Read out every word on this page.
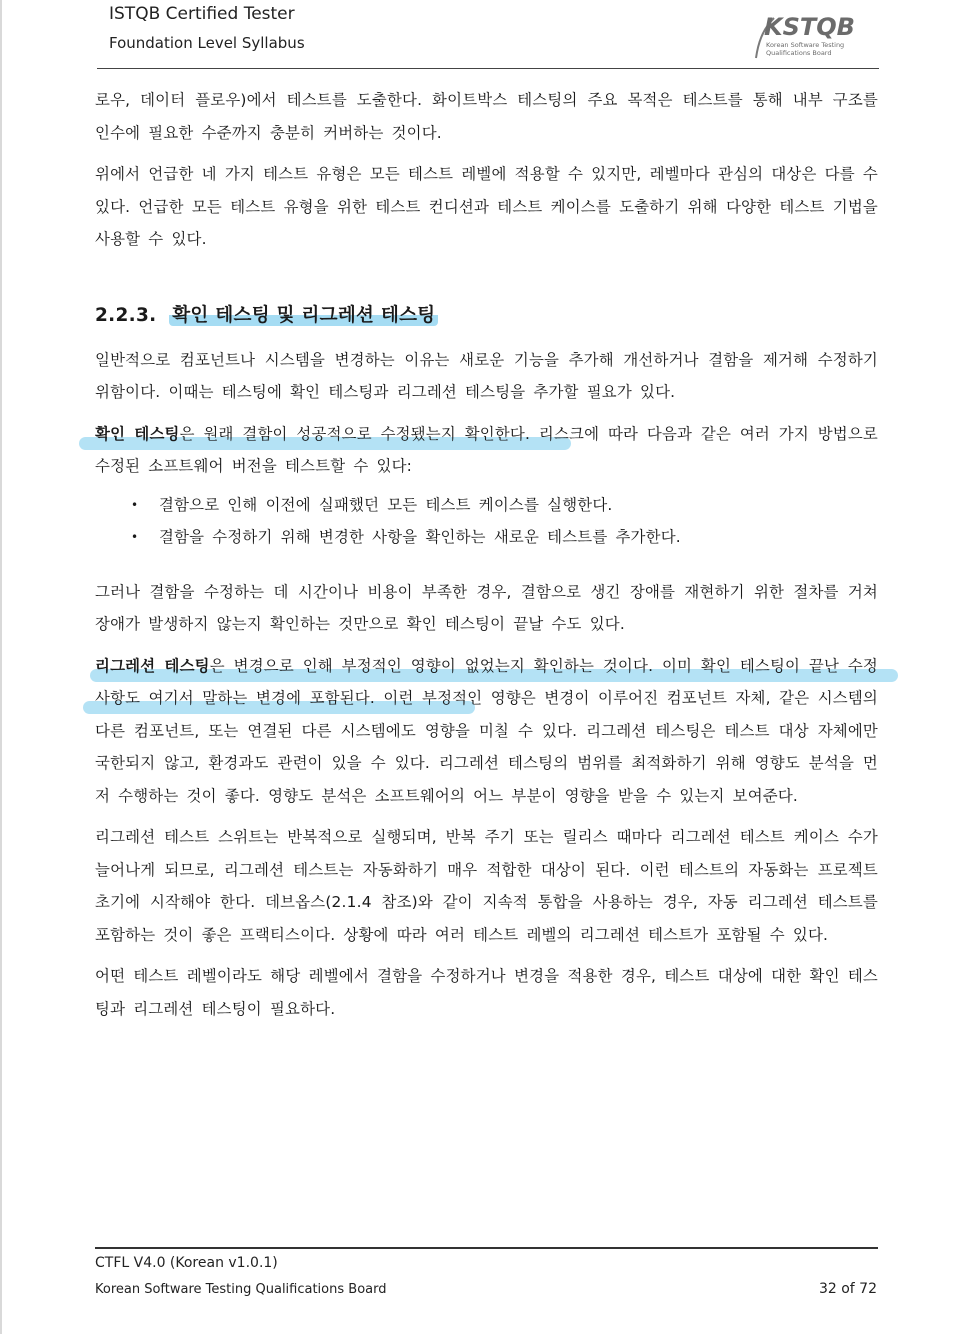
ISTQB Certified Tester
Foundation Level Syllabus
KSTQB
Korean Software Testing
Qualifications Board

로우, 데이터 플로우)에서 테스트를 도출한다. 화이트박스 테스팅의 주요 목적은 테스트를 통해 내부 구조를 인수에 필요한 수준까지 충분히 커버하는 것이다.

위에서 언급한 네 가지 테스트 유형은 모든 테스트 레벨에 적용할 수 있지만, 레벨마다 관심의 대상은 다를 수 있다. 언급한 모든 테스트 유형을 위한 테스트 컨디션과 테스트 케이스를 도출하기 위해 다양한 테스트 기법을 사용할 수 있다.

2.2.3. 확인 테스팅 및 리그레션 테스팅

일반적으로 컴포넌트나 시스템을 변경하는 이유는 새로운 기능을 추가해 개선하거나 결함을 제거해 수정하기 위함이다. 이때는 테스팅에 확인 테스팅과 리그레션 테스팅을 추가할 필요가 있다.

확인 테스팅은 원래 결함이 성공적으로 수정됐는지 확인한다. 리스크에 따라 다음과 같은 여러 가지 방법으로 수정된 소프트웨어 버전을 테스트할 수 있다:

• 결함으로 인해 이전에 실패했던 모든 테스트 케이스를 실행한다.
• 결함을 수정하기 위해 변경한 사항을 확인하는 새로운 테스트를 추가한다.

그러나 결함을 수정하는 데 시간이나 비용이 부족한 경우, 결함으로 생긴 장애를 재현하기 위한 절차를 거쳐 장애가 발생하지 않는지 확인하는 것만으로 확인 테스팅이 끝날 수도 있다.

리그레션 테스팅은 변경으로 인해 부정적인 영향이 없었는지 확인하는 것이다. 이미 확인 테스팅이 끝난 수정 사항도 여기서 말하는 변경에 포함된다. 이런 부정적인 영향은 변경이 이루어진 컴포넌트 자체, 같은 시스템의 다른 컴포넌트, 또는 연결된 다른 시스템에도 영향을 미칠 수 있다. 리그레션 테스팅은 테스트 대상 자체에만 국한되지 않고, 환경과도 관련이 있을 수 있다. 리그레션 테스팅의 범위를 최적화하기 위해 영향도 분석을 먼저 수행하는 것이 좋다. 영향도 분석은 소프트웨어의 어느 부분이 영향을 받을 수 있는지 보여준다.

리그레션 테스트 스위트는 반복적으로 실행되며, 반복 주기 또는 릴리스 때마다 리그레션 테스트 케이스 수가 늘어나게 되므로, 리그레션 테스트는 자동화하기 매우 적합한 대상이 된다. 이런 테스트의 자동화는 프로젝트 초기에 시작해야 한다. 데브옵스(2.1.4 참조)와 같이 지속적 통합을 사용하는 경우, 자동 리그레션 테스트를 포함하는 것이 좋은 프랙티스이다. 상황에 따라 여러 테스트 레벨의 리그레션 테스트가 포함될 수 있다.

어떤 테스트 레벨이라도 해당 레벨에서 결함을 수정하거나 변경을 적용한 경우, 테스트 대상에 대한 확인 테스팅과 리그레션 테스팅이 필요하다.

CTFL V4.0 (Korean v1.0.1)
Korean Software Testing Qualifications Board	32 of 72
